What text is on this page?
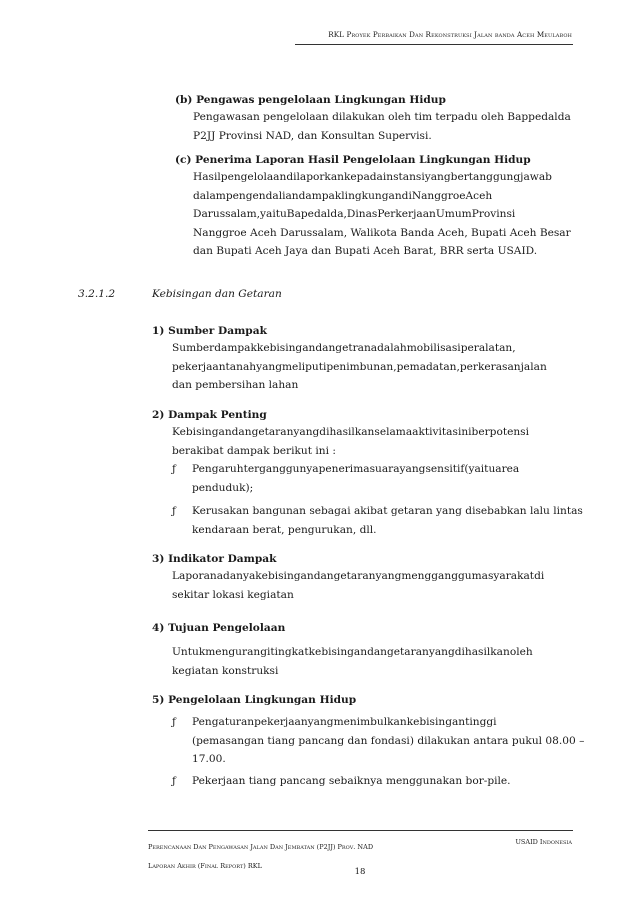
RKL Proyek Perbaikan Dan Rekonstruksi Jalan banda Aceh Meulaboh
(b) Pengawas pengelolaan Lingkungan Hidup
Pengawasan pengelolaan dilakukan oleh tim terpadu oleh Bappedalda
P2JJ Provinsi NAD, dan Konsultan Supervisi.
(c) Penerima Laporan Hasil Pengelolaan Lingkungan Hidup
Hasilpengelolaandilaporkankepadainstansiyangbertanggungjawab
dalampengendaliandampaklingkungandiNanggroeAceh
Darussalam,yaituBapedalda,DinasPerkerjaanUmumProvinsi
Nanggroe Aceh Darussalam, Walikota Banda Aceh, Bupati Aceh Besar
dan Bupati Aceh Jaya dan Bupati Aceh Barat, BRR serta USAID.
3.2.1.2	Kebisingan dan Getaran
1) Sumber Dampak
Sumberdampakkebisingandangetranadalahmobilisasiperalatan,
pekerjaantanahyangmeliputipenimbunan,pemadatan,perkerasanjalan
dan pembersihan lahan
2) Dampak Penting
Kebisingandangetaranyangdihasilkanselamaaktivitasiniberpotensi
berakibat dampak berikut ini :
ƒ Pengaruhterganggunyapenerimasuarayangsensitif(yaituarea
penduduk);
ƒ Kerusakan bangunan sebagai akibat getaran yang disebabkan lalu lintas
kendaraan berat, pengurukan, dll.
3) Indikator Dampak
Laporanadanyakebisingandangetaranyangmengganggumasyarakatdi
sekitar lokasi kegiatan
4) Tujuan Pengelolaan
Untukmengurangitingkatkebisingandangetaranyangdihasilkanoleh
kegiatan konstruksi
5) Pengelolaan Lingkungan Hidup
ƒ Pengaturanpekerjaanyangmenimbulkankebisingantinggi
(pemasangan tiang pancang dan fondasi) dilakukan antara pukul 08.00 –
17.00.
ƒ Pekerjaan tiang pancang sebaiknya menggunakan bor-pile.
Perencanaan Dan Pengawasan Jalan Dan Jembatan (P2JJ) Prov. NAD
Laporan Akhir (Final Report) RKL
USAID Indonesia
18
